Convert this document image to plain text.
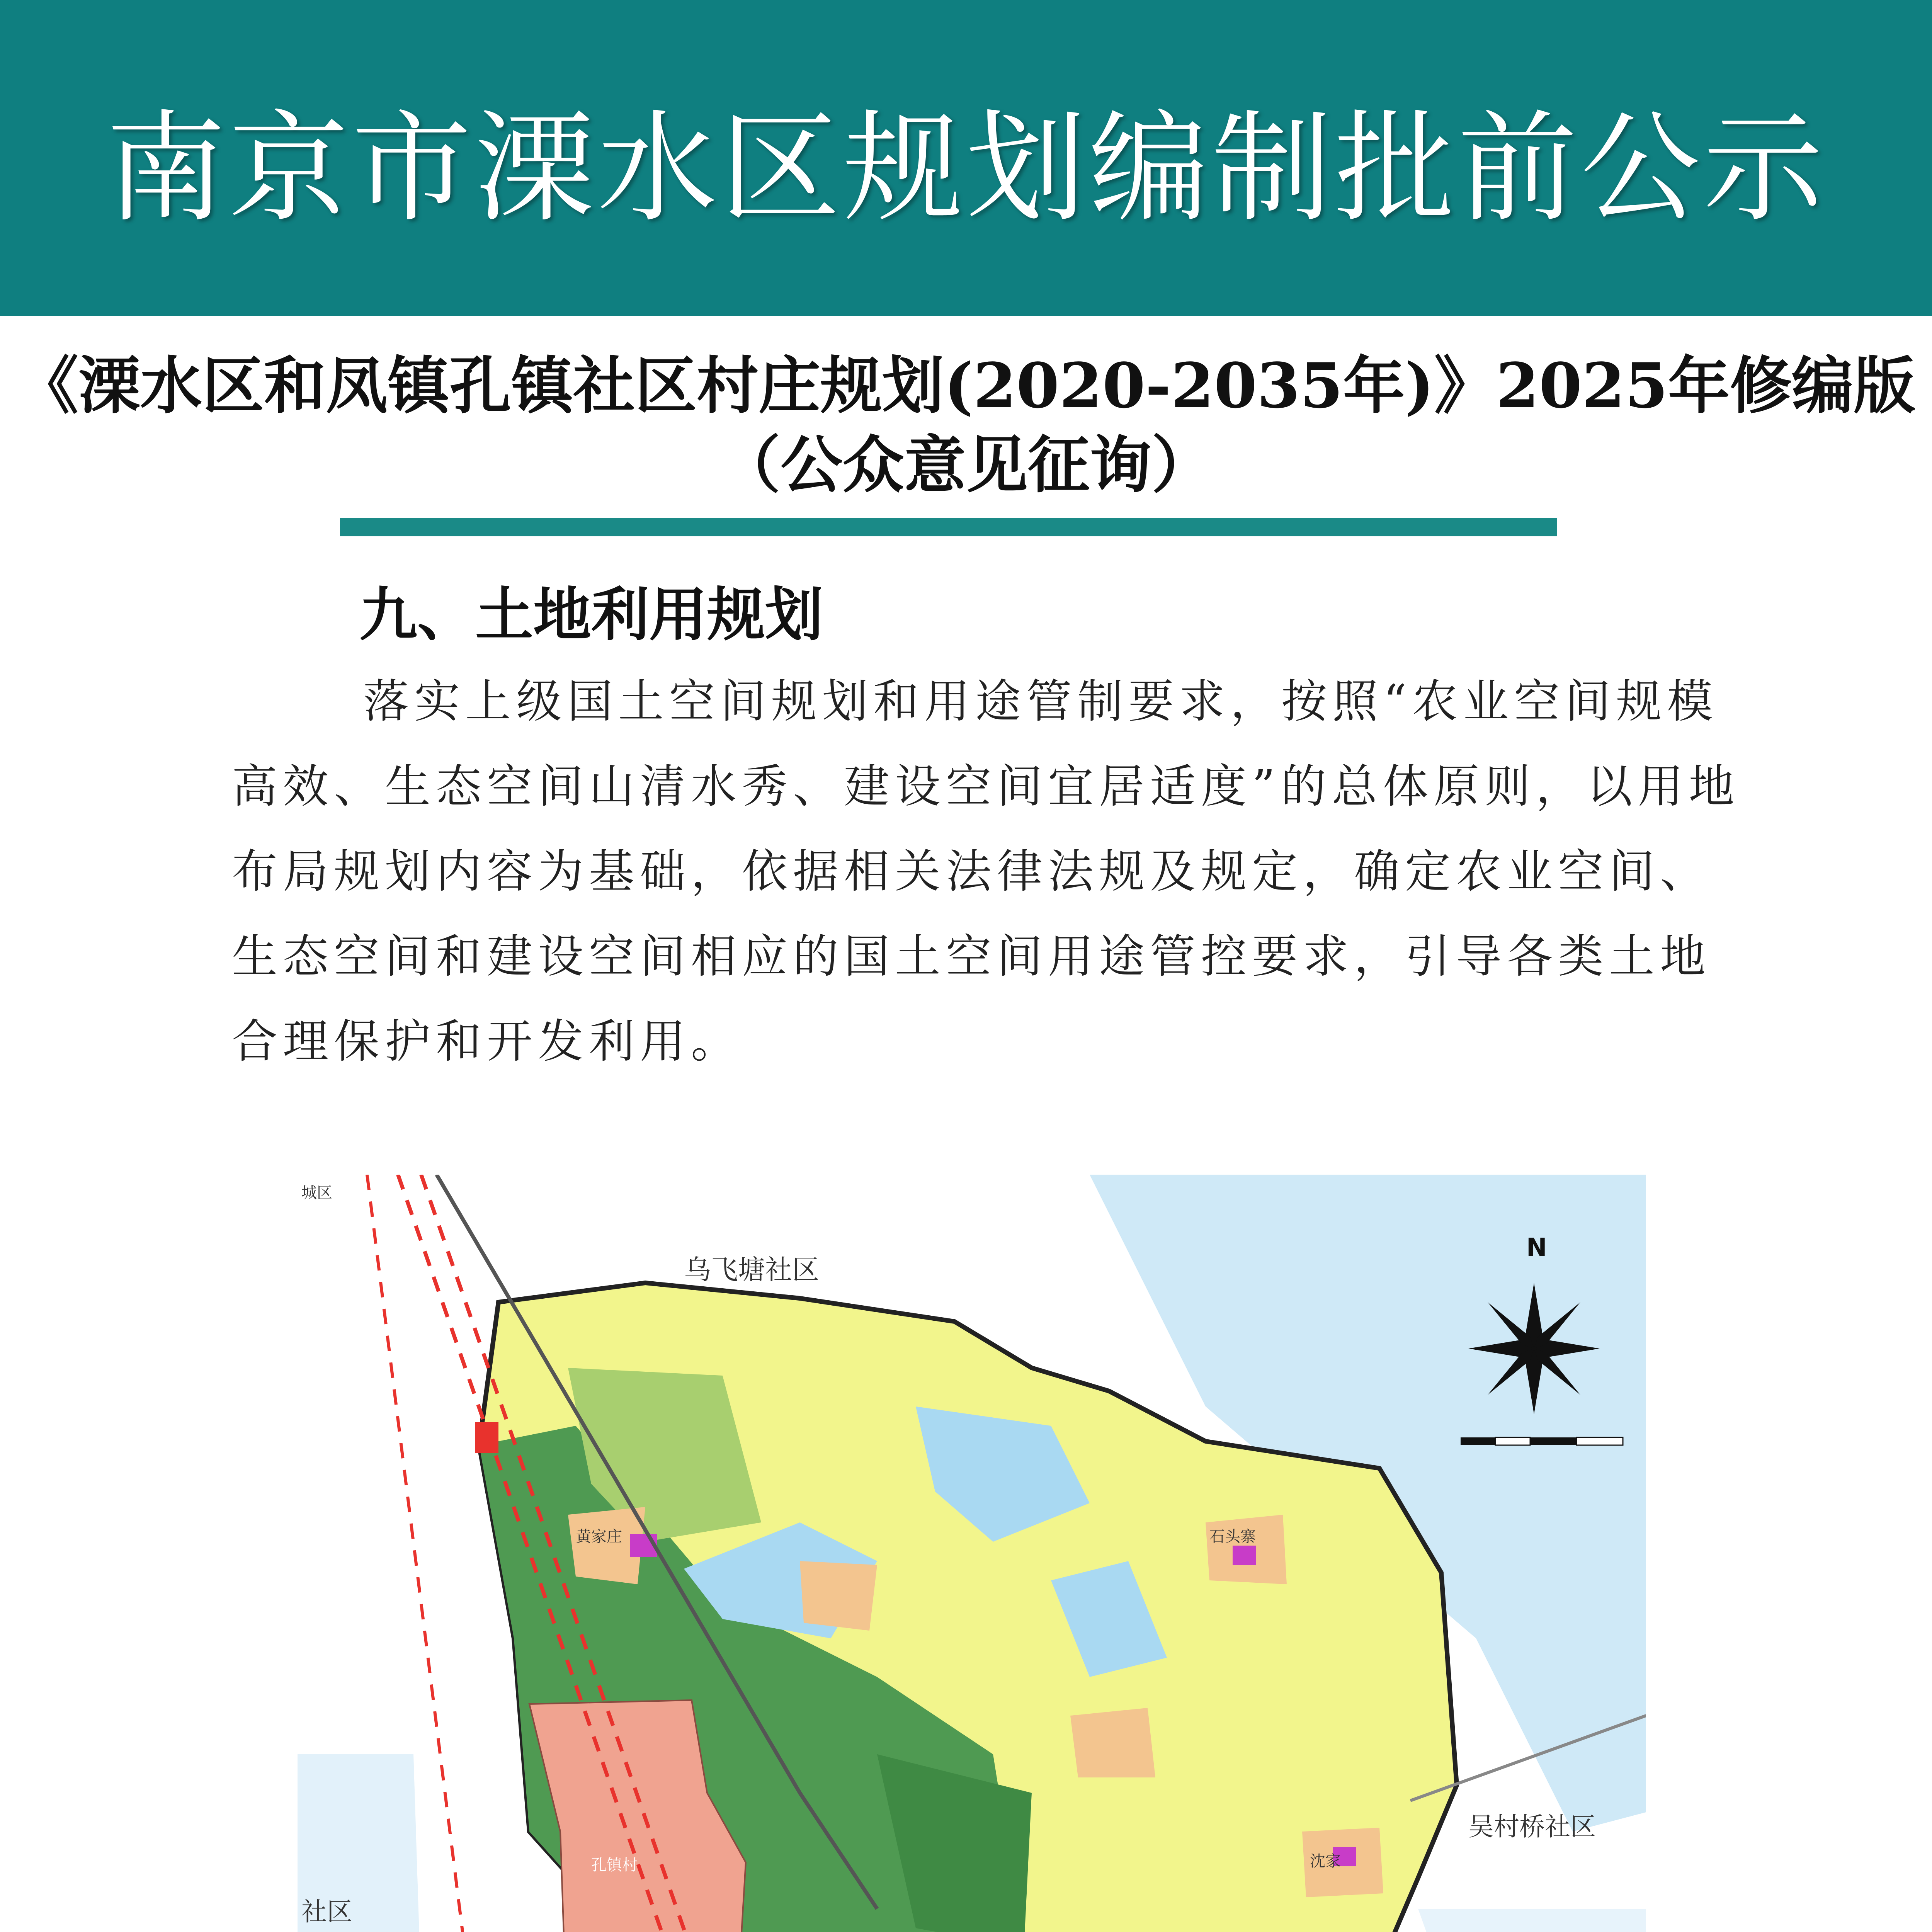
南京市溧水区规划编制批前公示
《溧水区和凤镇孔镇社区村庄规划(2020-2035年)》2025年修编版
（公众意见征询）
九、土地利用规划
落实上级国土空间规划和用途管制要求，按照“农业空间规模
高效、生态空间山清水秀、建设空间宜居适度”的总体原则，以用地
布局规划内容为基础，依据相关法律法规及规定，确定农业空间、
生态空间和建设空间相应的国土空间用途管控要求，引导各类土地
合理保护和开发利用。
乌飞塘社区
吴村桥社区
社区
城区
黄家庄
孔镇村	沈家
石头寨
N
